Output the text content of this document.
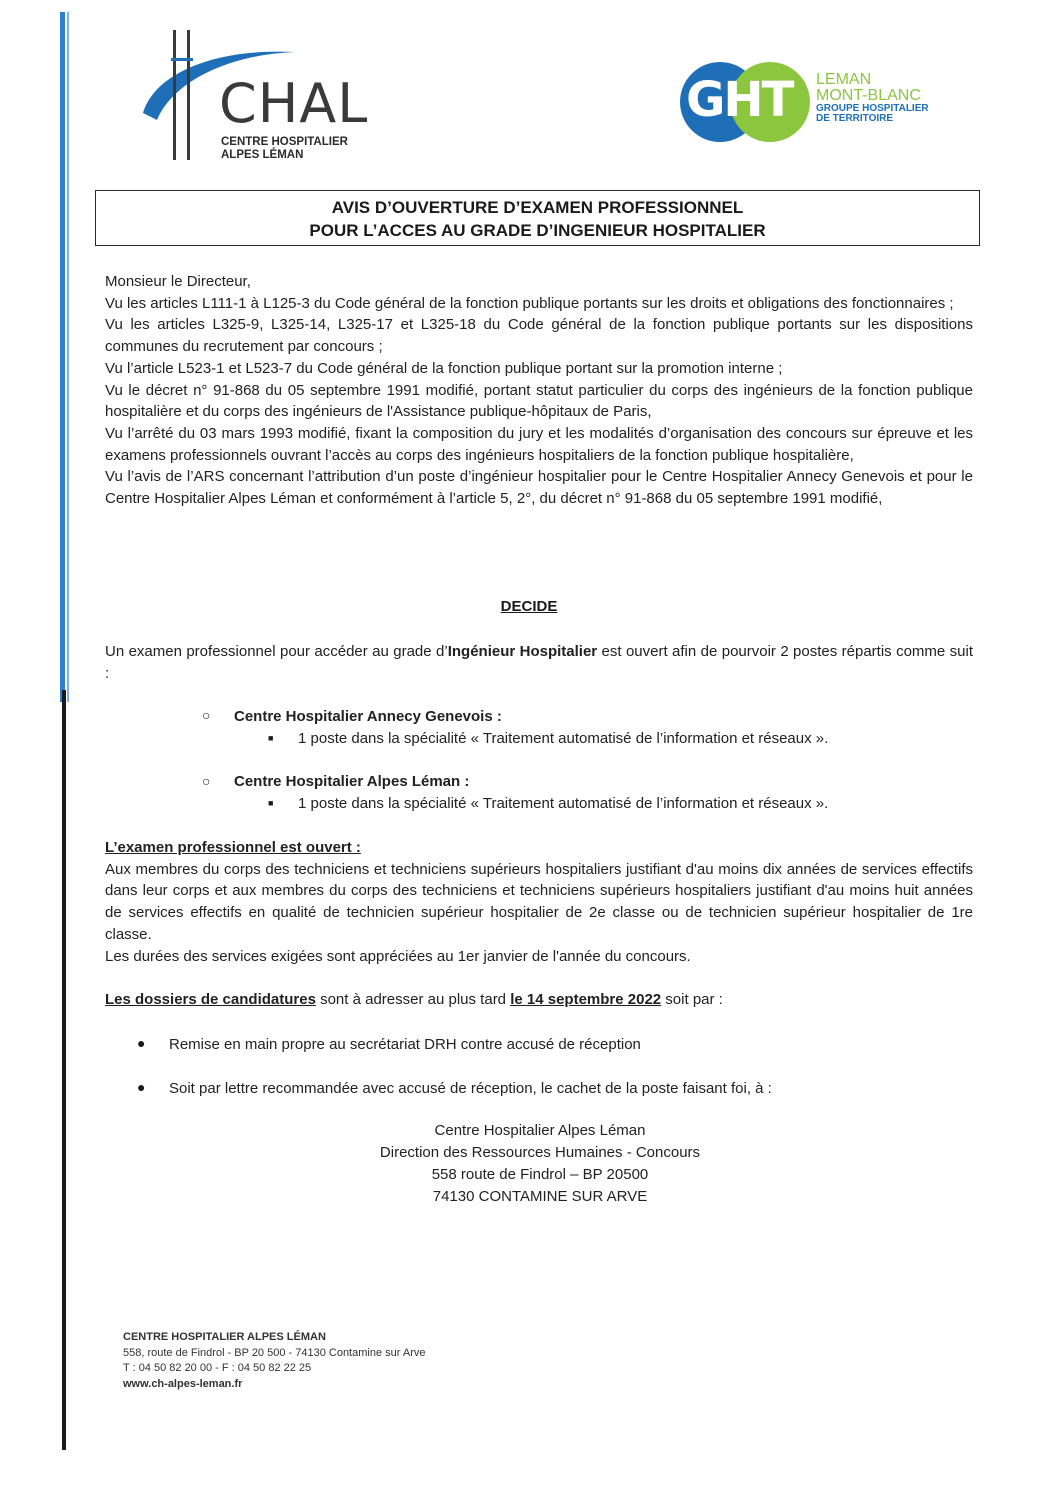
CHAL
CENTRE HOSPITALIER
ALPES LÉMAN
GHT LEMAN
MONT-BLANC
GROUPE HOSPITALIER
DE TERRITOIRE
AVIS D’OUVERTURE D’EXAMEN PROFESSIONNEL
POUR L’ACCES AU GRADE D’INGENIEUR HOSPITALIER

Monsieur le Directeur,

Vu les articles L111-1 à L125-3 du Code général de la fonction publique portants sur les droits et obligations des fonctionnaires ;

Vu les articles L325-9, L325-14, L325-17 et L325-18 du Code général de la fonction publique portants sur les dispositions communes du recrutement par concours ;

Vu l’article L523-1 et L523-7 du Code général de la fonction publique portant sur la promotion interne ;

Vu le décret n° 91-868 du 05 septembre 1991 modifié, portant statut particulier du corps des ingénieurs de la fonction publique hospitalière et du corps des ingénieurs de l'Assistance publique-hôpitaux de Paris,

Vu l’arrêté du 03 mars 1993 modifié, fixant la composition du jury et les modalités d’organisation des concours sur épreuve et les examens professionnels ouvrant l’accès au corps des ingénieurs hospitaliers de la fonction publique hospitalière,

Vu l’avis de l’ARS concernant l’attribution d’un poste d’ingénieur hospitalier pour le Centre Hospitalier Annecy Genevois et pour le Centre Hospitalier Alpes Léman et conformément à l’article 5, 2°, du décret n° 91-868 du 05 septembre 1991 modifié,

DECIDE

Un examen professionnel pour accéder au grade d’Ingénieur Hospitalier est ouvert afin de pourvoir 2 postes répartis comme suit :

○ Centre Hospitalier Annecy Genevois :
■ 1 poste dans la spécialité « Traitement automatisé de l’information et réseaux ».
○ Centre Hospitalier Alpes Léman :
■ 1 poste dans la spécialité « Traitement automatisé de l’information et réseaux ».

L’examen professionnel est ouvert :

Aux membres du corps des techniciens et techniciens supérieurs hospitaliers justifiant d'au moins dix années de services effectifs dans leur corps et aux membres du corps des techniciens et techniciens supérieurs hospitaliers justifiant d'au moins huit années de services effectifs en qualité de technicien supérieur hospitalier de 2e classe ou de technicien supérieur hospitalier de 1re classe.

Les durées des services exigées sont appréciées au 1er janvier de l'année du concours.

Les dossiers de candidatures sont à adresser au plus tard le 14 septembre 2022 soit par :

● Remise en main propre au secrétariat DRH contre accusé de réception
● Soit par lettre recommandée avec accusé de réception, le cachet de la poste faisant foi, à :
Centre Hospitalier Alpes Léman
Direction des Ressources Humaines - Concours
558 route de Findrol – BP 20500
74130 CONTAMINE SUR ARVE
CENTRE HOSPITALIER ALPES LÉMAN
558, route de Findrol - BP 20 500 - 74130 Contamine sur Arve
T : 04 50 82 20 00 - F : 04 50 82 22 25
www.ch-alpes-leman.fr
